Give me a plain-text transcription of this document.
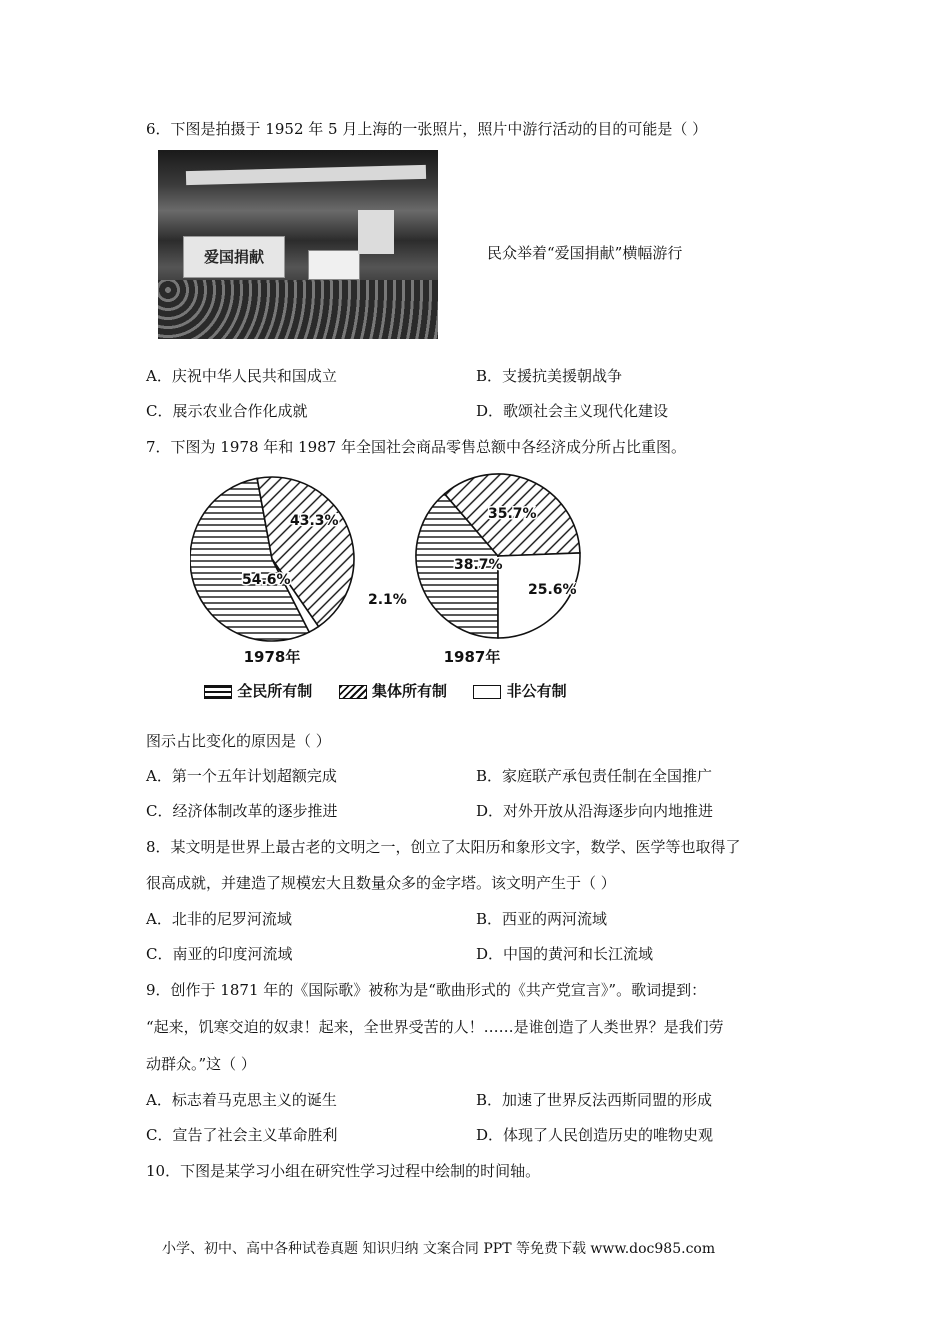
6．下图是拍摄于 1952 年 5 月上海的一张照片，照片中游行活动的目的可能是（ ）
爱国捐献	民众举着“爱国捐献”横幅游行
A．庆祝中华人民共和国成立	B．支援抗美援朝战争
C．展示农业合作化成就	D．歌颂社会主义现代化建设
7．下图为 1978 年和 1987 年全国社会商品零售总额中各经济成分所占比重图。
54.6%
43.3%
2.1%
1978年
38.7%
35.7%
25.6%
1987年
全民所有制	集体所有制	非公有制
图示占比变化的原因是（ ）
A．第一个五年计划超额完成	B．家庭联产承包责任制在全国推广
C．经济体制改革的逐步推进	D．对外开放从沿海逐步向内地推进
8．某文明是世界上最古老的文明之一，创立了太阳历和象形文字，数学、医学等也取得了
很高成就，并建造了规模宏大且数量众多的金字塔。该文明产生于（ ）
A．北非的尼罗河流域	B．西亚的两河流域
C．南亚的印度河流域	D．中国的黄河和长江流域
9．创作于 1871 年的《国际歌》被称为是“歌曲形式的《共产党宣言》”。歌词提到：
“起来，饥寒交迫的奴隶！起来，全世界受苦的人！……是谁创造了人类世界？是我们劳
动群众。”这（ ）
A．标志着马克思主义的诞生	B．加速了世界反法西斯同盟的形成
C．宣告了社会主义革命胜利	D．体现了人民创造历史的唯物史观
10．下图是某学习小组在研究性学习过程中绘制的时间轴。
小学、初中、高中各种试卷真题 知识归纳 文案合同 PPT 等免费下载 www.doc985.com
